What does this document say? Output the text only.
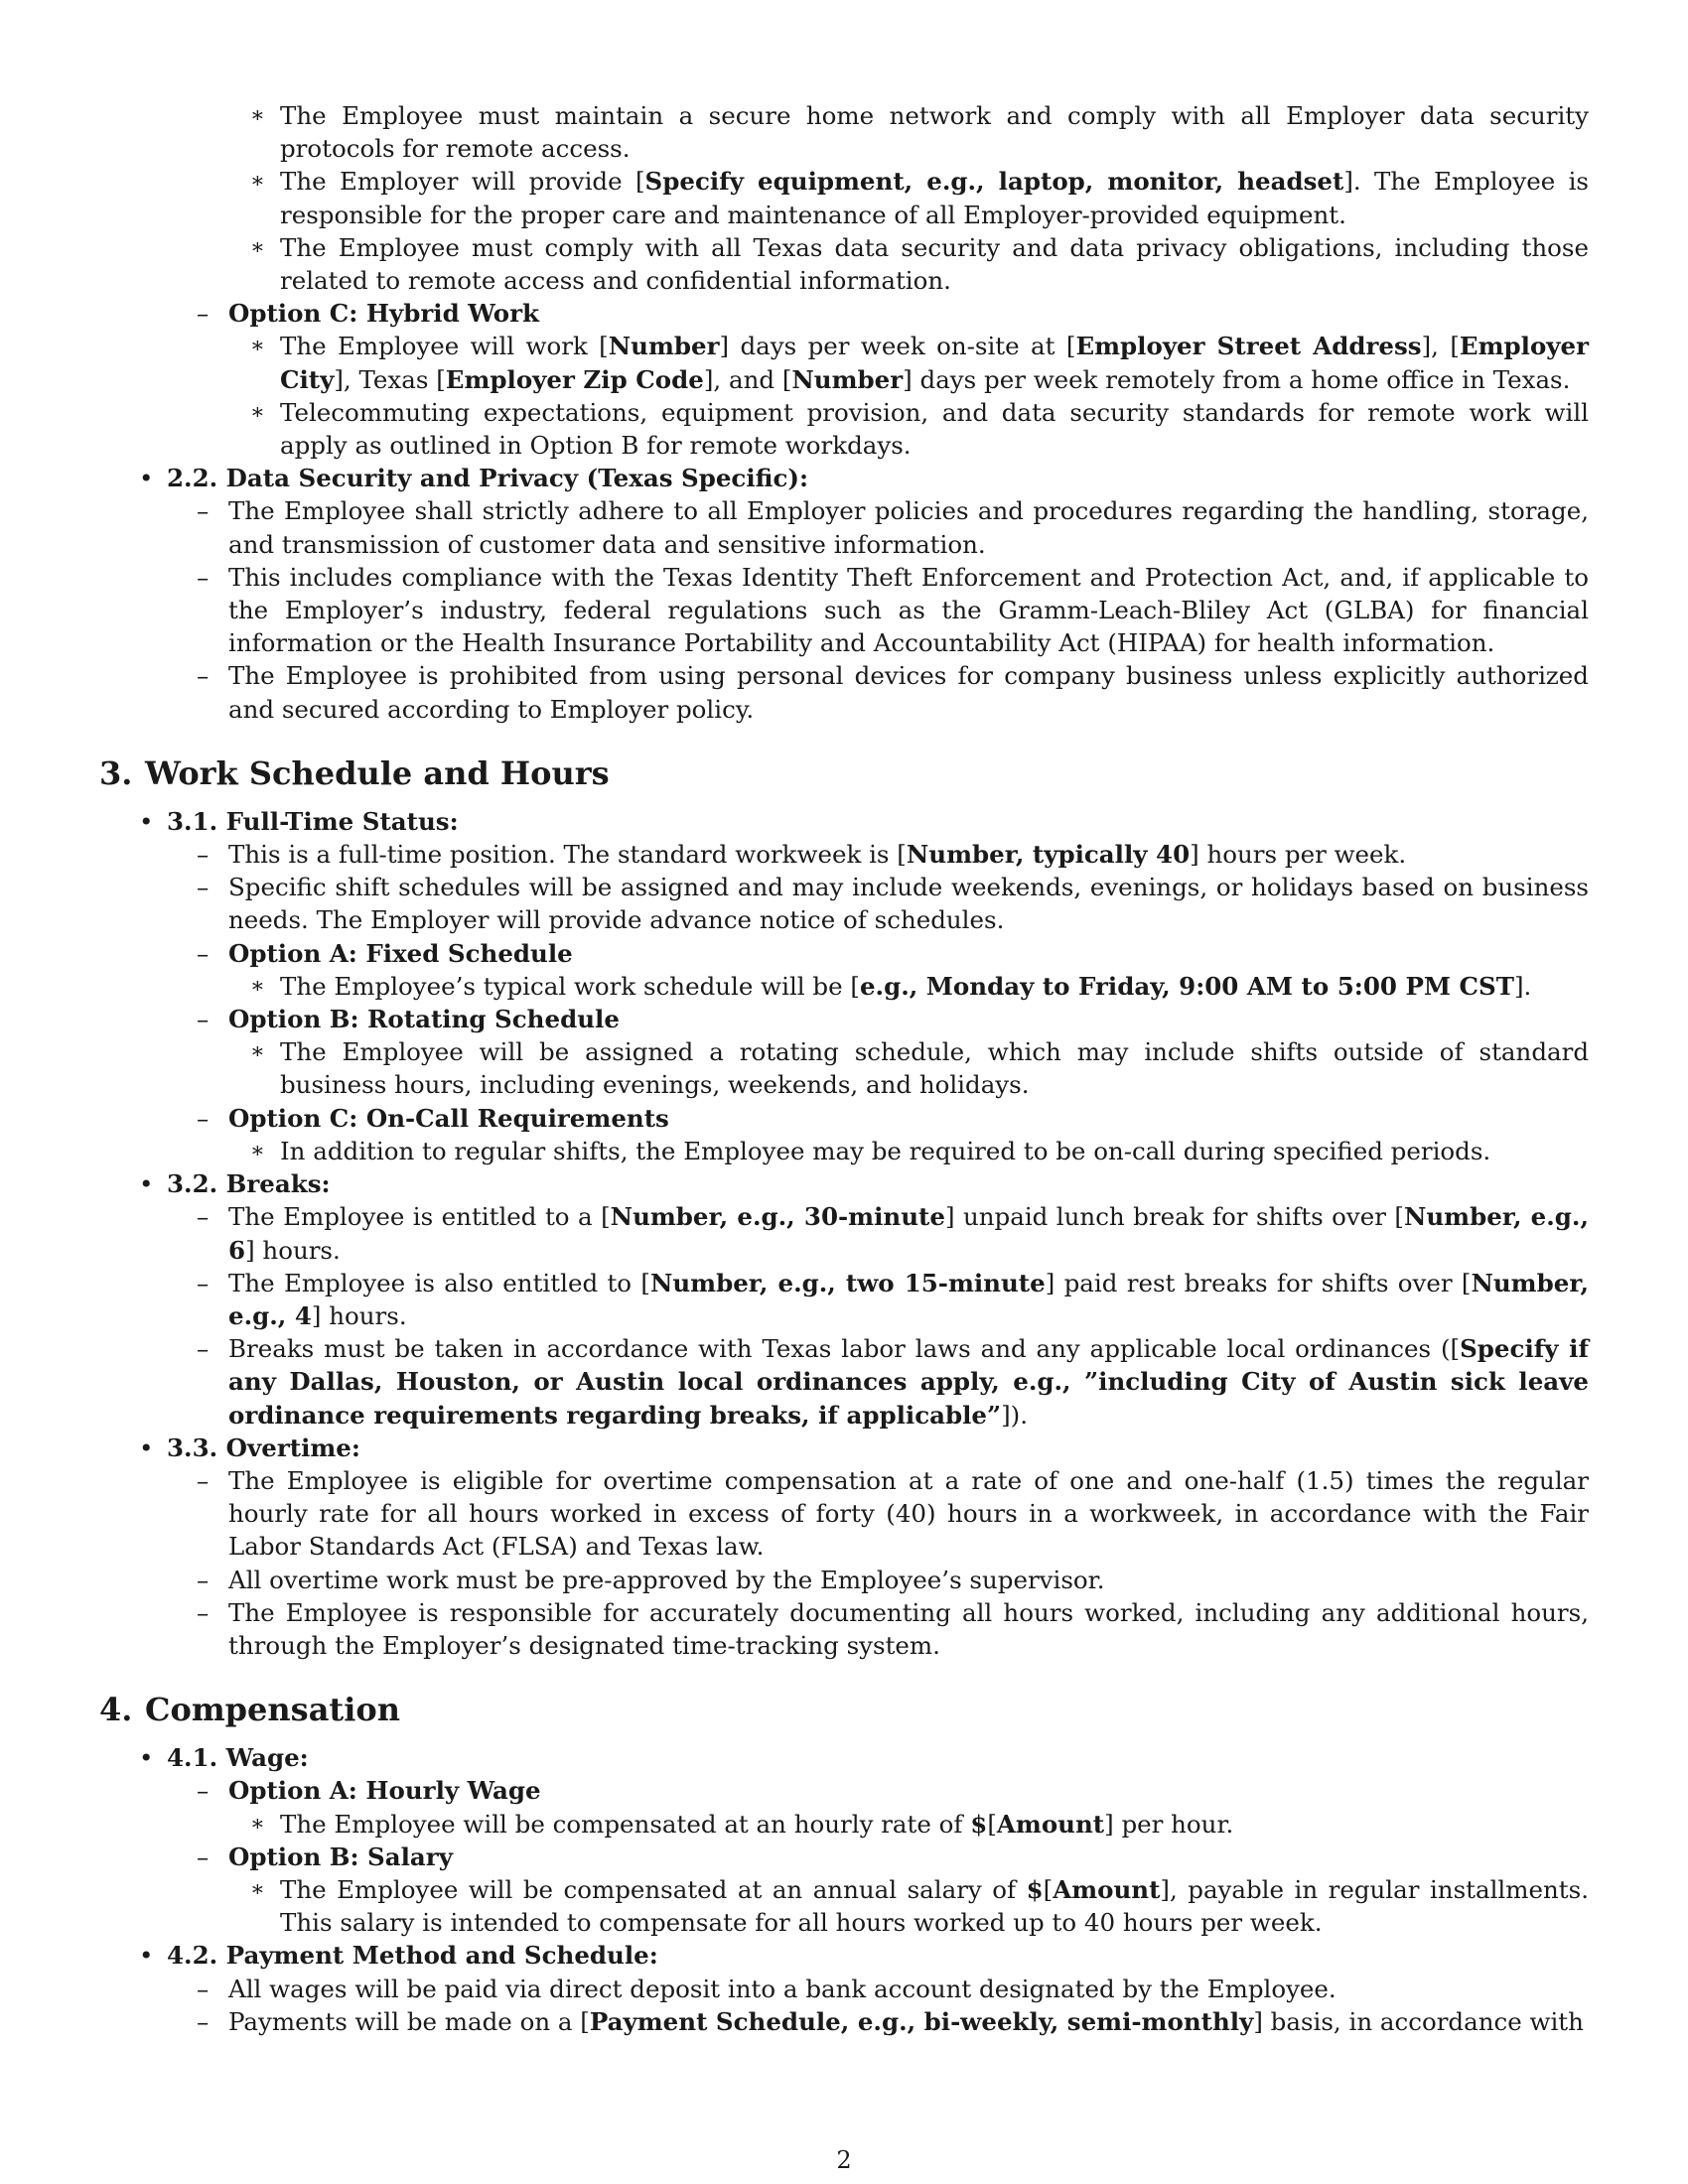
∗ The Employee must maintain a secure home network and comply with all Employer data security protocols for remote access.
∗ The Employer will provide [Specify equipment, e.g., laptop, monitor, headset]. The Employee is responsible for the proper care and maintenance of all Employer-provided equipment.
∗ The Employee must comply with all Texas data security and data privacy obligations, including those related to remote access and confidential information.
– Option C: Hybrid Work
∗ The Employee will work [Number] days per week on-site at [Employer Street Address], [Employer City], Texas [Employer Zip Code], and [Number] days per week remotely from a home office in Texas.
∗ Telecommuting expectations, equipment provision, and data security standards for remote work will apply as outlined in Option B for remote workdays.
• 2.2. Data Security and Privacy (Texas Specific):
– The Employee shall strictly adhere to all Employer policies and procedures regarding the handling, storage, and transmission of customer data and sensitive information.
– This includes compliance with the Texas Identity Theft Enforcement and Protection Act, and, if applicable to the Employer’s industry, federal regulations such as the Gramm-Leach-Bliley Act (GLBA) for financial information or the Health Insurance Portability and Accountability Act (HIPAA) for health information.
– The Employee is prohibited from using personal devices for company business unless explicitly authorized and secured according to Employer policy.
3. Work Schedule and Hours
• 3.1. Full-Time Status:
– This is a full-time position. The standard workweek is [Number, typically 40] hours per week.
– Specific shift schedules will be assigned and may include weekends, evenings, or holidays based on business needs. The Employer will provide advance notice of schedules.
– Option A: Fixed Schedule
∗ The Employee’s typical work schedule will be [e.g., Monday to Friday, 9:00 AM to 5:00 PM CST].
– Option B: Rotating Schedule
∗ The Employee will be assigned a rotating schedule, which may include shifts outside of standard business hours, including evenings, weekends, and holidays.
– Option C: On-Call Requirements
∗ In addition to regular shifts, the Employee may be required to be on-call during specified periods.
• 3.2. Breaks:
– The Employee is entitled to a [Number, e.g., 30-minute] unpaid lunch break for shifts over [Number, e.g., 6] hours.
– The Employee is also entitled to [Number, e.g., two 15-minute] paid rest breaks for shifts over [Number, e.g., 4] hours.
– Breaks must be taken in accordance with Texas labor laws and any applicable local ordinances ([Specify if any Dallas, Houston, or Austin local ordinances apply, e.g., ”including City of Austin sick leave ordinance requirements regarding breaks, if applicable”]).
• 3.3. Overtime:
– The Employee is eligible for overtime compensation at a rate of one and one-half (1.5) times the regular hourly rate for all hours worked in excess of forty (40) hours in a workweek, in accordance with the Fair Labor Standards Act (FLSA) and Texas law.
– All overtime work must be pre-approved by the Employee’s supervisor.
– The Employee is responsible for accurately documenting all hours worked, including any additional hours, through the Employer’s designated time-tracking system.
4. Compensation
• 4.1. Wage:
– Option A: Hourly Wage
∗ The Employee will be compensated at an hourly rate of $[Amount] per hour.
– Option B: Salary
∗ The Employee will be compensated at an annual salary of $[Amount], payable in regular installments. This salary is intended to compensate for all hours worked up to 40 hours per week.
• 4.2. Payment Method and Schedule:
– All wages will be paid via direct deposit into a bank account designated by the Employee.
– Payments will be made on a [Payment Schedule, e.g., bi-weekly, semi-monthly] basis, in accordance with
2
